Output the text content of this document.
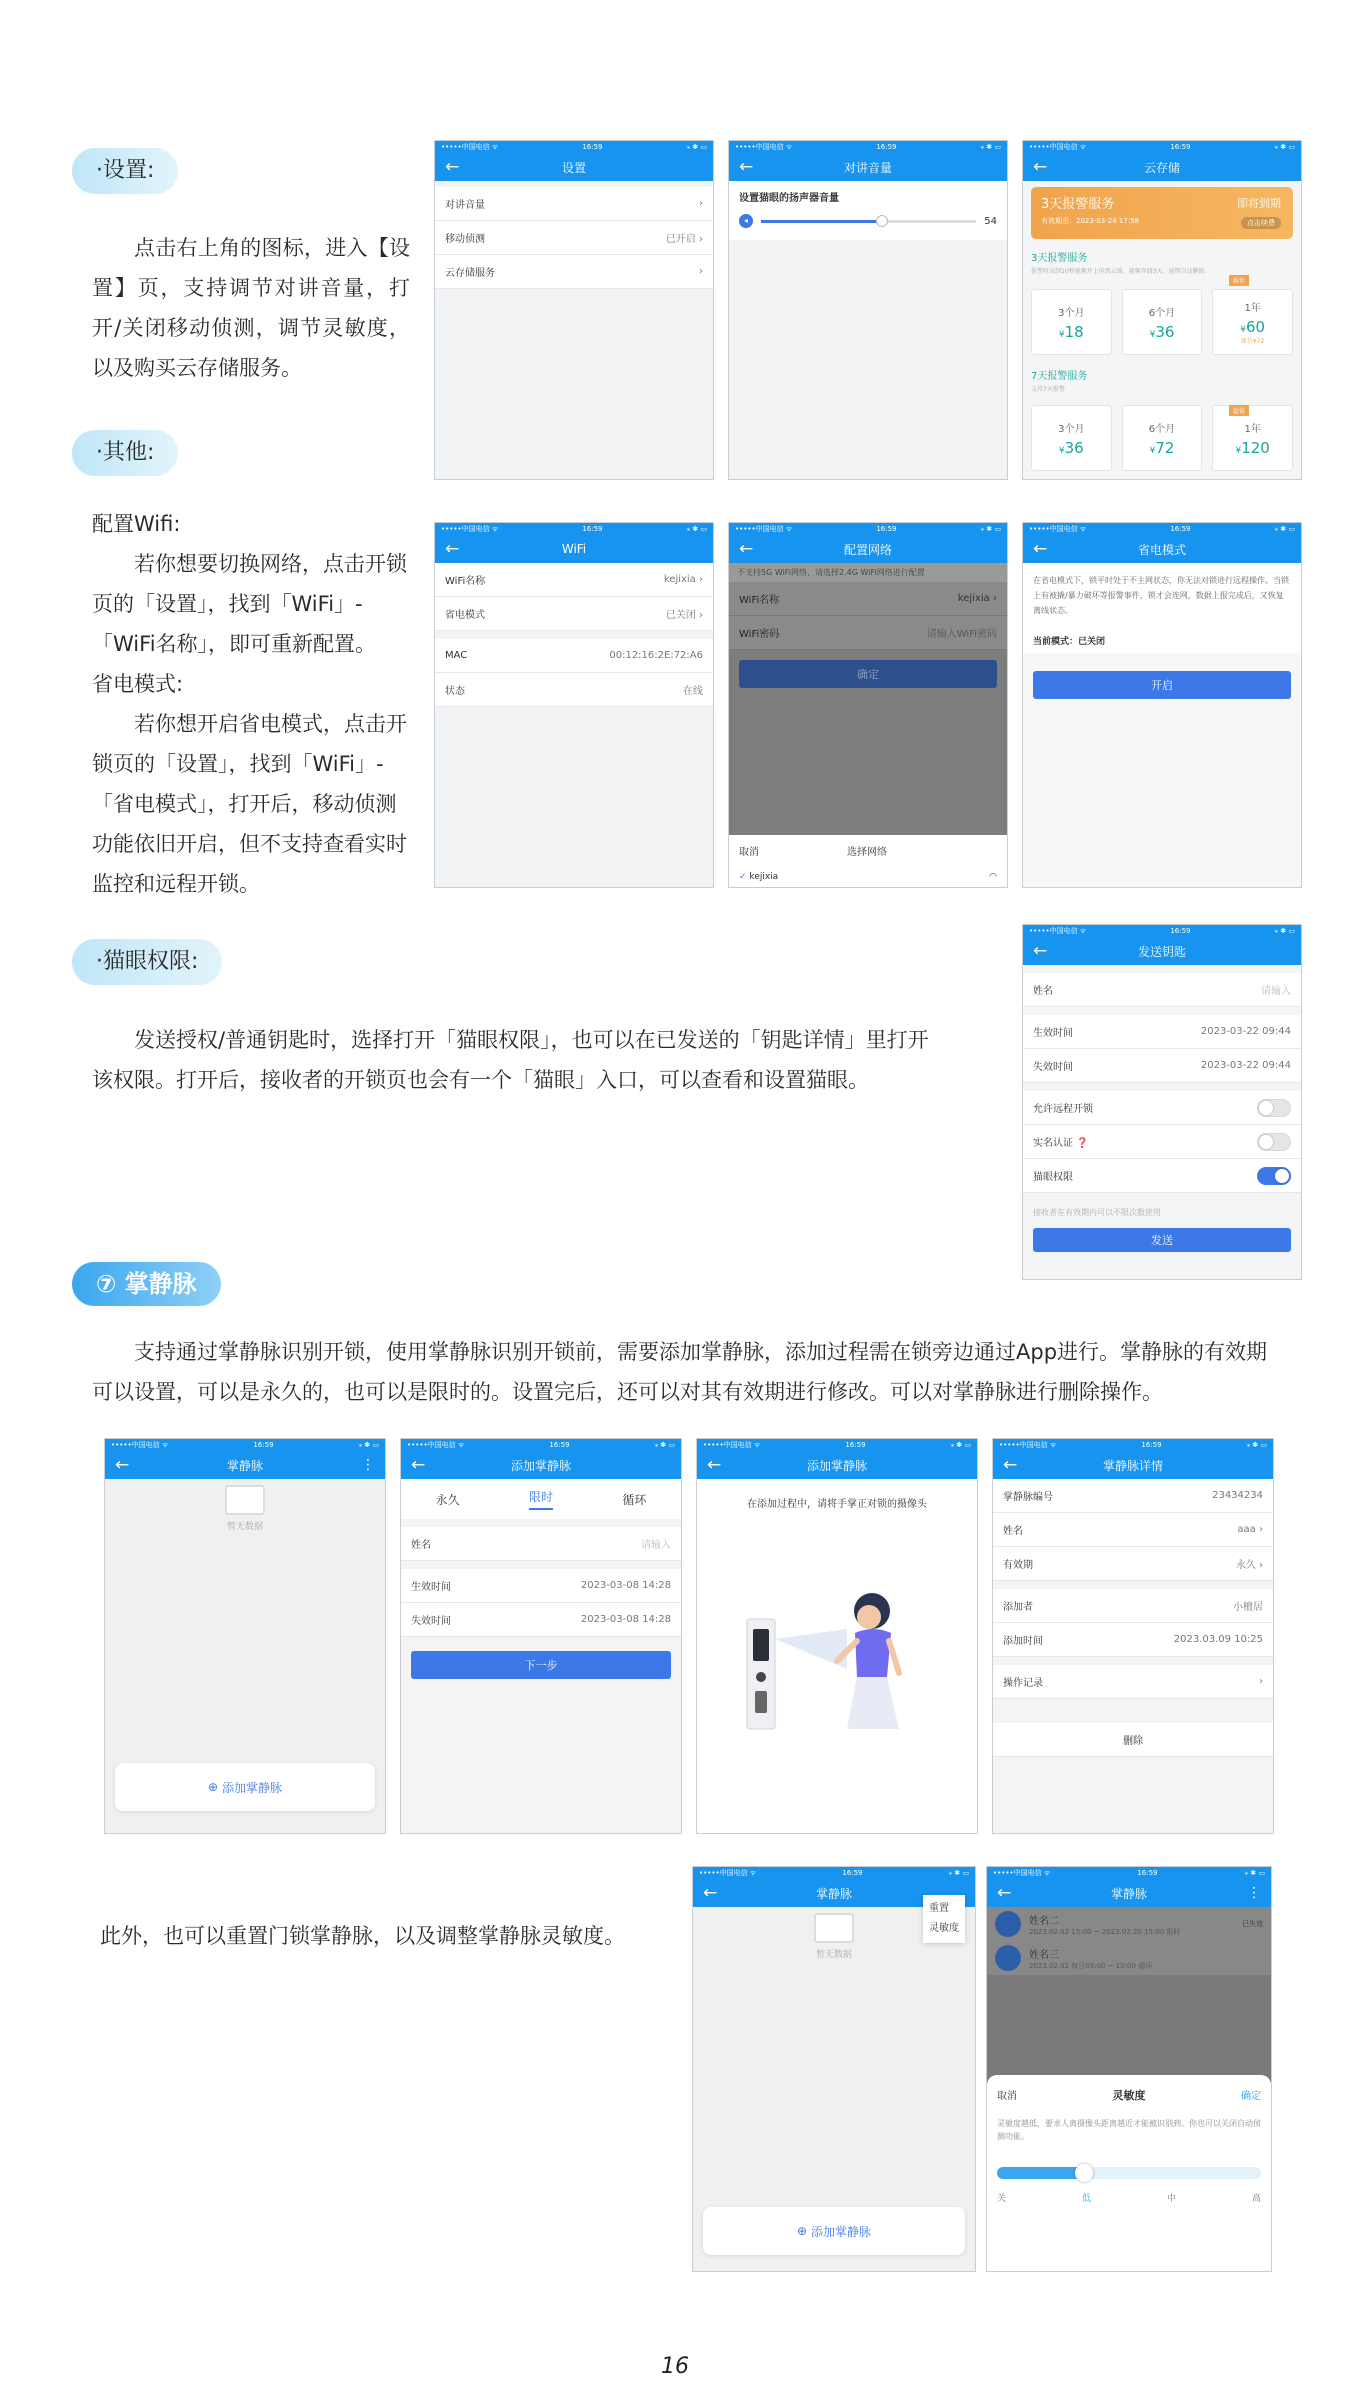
·设置:
点击右上角的图标，进入【设置】页，支持调节对讲音量，打开/关闭移动侦测，调节灵敏度，以及购买云存储服务。
•••••中国电信 ᯤ	16:59	⁎ ✱ ▭
←	设置
对讲音量	›
移动侦测	已开启 ›
云存储服务	›
•••••中国电信 ᯤ	16:59	⁎ ✱ ▭
←	对讲音量
设置猫眼的扬声器音量
◂	54
•••••中国电信 ᯤ	16:59	⁎ ✱ ▭
←	云存储
3天报警服务
有效期至：2023-03-24 17:58
即将到期
点击续费
3天报警服务
报警时录制10秒视频并上传到云端，视频存储3天，逾期自动删除。
推荐
3个月
¥18
6个月
¥36
1年
¥60
原价¥72
7天报警服务
支持7天报警
超值
3个月
¥36
6个月
¥72
1年
¥120
·其他:

配置Wifi:

若你想要切换网络，点击开锁页的「设置」，找到「WiFi」-「WiFi名称」，即可重新配置。

省电模式:

若你想开启省电模式，点击开锁页的「设置」，找到「WiFi」-「省电模式」，打开后，移动侦测功能依旧开启，但不支持查看实时监控和远程开锁。

•••••中国电信 ᯤ	16:59	⁎ ✱ ▭
←	WiFi
WiFi名称	kejixia ›
省电模式	已关闭 ›
MAC	00:12:16:2E:72:A6
状态	在线
•••••中国电信 ᯤ	16:59	⁎ ✱ ▭
←	配置网络
不支持5G WiFi网络，请选择2.4G WiFi网络进行配置
WiFi名称	kejixia ›
WiFi密码	请输入WiFi密码
确定
取消	选择网络
✓ kejixia	◠
•••••中国电信 ᯤ	16:59	⁎ ✱ ▭
←	省电模式
在省电模式下，锁平时处于不主网状态，你无法对锁进行远程操作。当锁上有被撬/暴力破坏等报警事件，锁才会连网，数据上报完成后，又恢复离线状态。
当前模式：已关闭
开启
·猫眼权限:
发送授权/普通钥匙时，选择打开「猫眼权限」，也可以在已发送的「钥匙详情」里打开该权限。打开后，接收者的开锁页也会有一个「猫眼」入口，可以查看和设置猫眼。
•••••中国电信 ᯤ	16:59	⁎ ✱ ▭
←	发送钥匙
姓名	请输入
生效时间	2023-03-22 09:44
失效时间	2023-03-22 09:44
允许远程开锁
实名认证 ❓
猫眼权限
接收者在有效期内可以不限次数使用
发送
⑦ 掌静脉
支持通过掌静脉识别开锁，使用掌静脉识别开锁前，需要添加掌静脉，添加过程需在锁旁边通过App进行。掌静脉的有效期可以设置，可以是永久的，也可以是限时的。设置完后，还可以对其有效期进行修改。可以对掌静脉进行删除操作。
•••••中国电信 ᯤ	16:59	⁎ ✱ ▭
←	掌静脉	⋮
暂无数据
⊕ 添加掌静脉
•••••中国电信 ᯤ	16:59	⁎ ✱ ▭
←	添加掌静脉
永久	限时	循环
姓名	请输入
生效时间	2023-03-08 14:28
失效时间	2023-03-08 14:28
下一步
•••••中国电信 ᯤ	16:59	⁎ ✱ ▭
←	添加掌静脉
在添加过程中，请将手掌正对锁的摄像头
•••••中国电信 ᯤ	16:59	⁎ ✱ ▭
←	掌静脉详情
掌静脉编号	23434234
姓名	aaa ›
有效期	永久 ›
添加者	小檀居
添加时间	2023.03.09 10:25
操作记录	›
删除
此外，也可以重置门锁掌静脉，以及调整掌静脉灵敏度。
•••••中国电信 ᯤ	16:59	⁎ ✱ ▭
←	掌静脉
暂无数据
重置
灵敏度
⊕ 添加掌静脉
•••••中国电信 ᯤ	16:59	⁎ ✱ ▭
←	掌静脉	⋮
姓名二
2023.02.02 15:00 ~ 2023.02.20 15:00 限时
已失效
姓名三
2023.02.02 每日05:00 ~ 10:00 循环
取消	灵敏度	确定
灵敏度越低，要求人离摄像头距离越近才能被识别到。你也可以关闭自动侦测功能。
关	低	中	高
16
